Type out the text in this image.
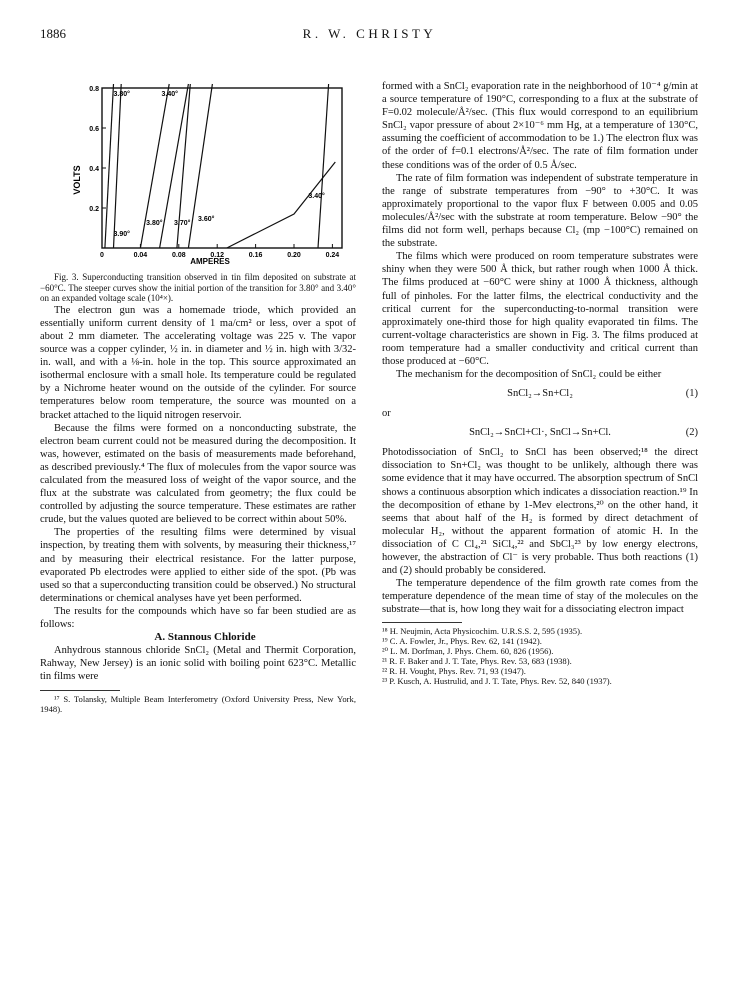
R. W. CHRISTY
1886
0	0.04	0.08	0.12	0.16	0.20	0.24
0.2
0.4
0.6
0.8
3.80°	3.40°
3.40°
3.80° 3.70°
3.60°
3.90°
VOLTS
AMPERES

Fig. 3. Superconducting transition observed in tin film deposited on substrate at −60°C. The steeper curves show the initial portion of the transition for 3.80° and 3.40° on an expanded voltage scale (10⁴×).

The electron gun was a homemade triode, which provided an essentially uniform current density of 1 ma/cm² or less, over a spot of about 2 mm diameter. The accelerating voltage was 225 v. The vapor source was a copper cylinder, ½ in. in diameter and ½ in. high with 3/32-in. wall, and with a ⅛-in. hole in the top. This source approximated an isothermal enclosure with a small hole. Its temperature could be regulated by a Nichrome heater wound on the outside of the cylinder. For source temperatures below room temperature, the source was mounted on a bracket attached to the liquid nitrogen reservoir.

Because the films were formed on a nonconducting substrate, the electron beam current could not be measured during the decomposition. It was, however, estimated on the basis of measurements made beforehand, as described previously.⁴ The flux of molecules from the vapor source was calculated from the measured loss of weight of the vapor source, and the flux at the substrate was calculated from geometry; the flux could be controlled by adjusting the source temperature. These estimates are rather crude, but the values quoted are believed to be correct within about 50%.

The properties of the resulting films were determined by visual inspection, by treating them with solvents, by measuring their thickness,¹⁷ and by measuring their electrical resistance. For the latter purpose, evaporated Pb electrodes were applied to either side of the spot. (Pb was used so that a superconducting transition could be observed.) No structural determinations or chemical analyses have yet been performed.

The results for the compounds which have so far been studied are as follows:

A. Stannous Chloride

Anhydrous stannous chloride SnCl₂ (Metal and Thermit Corporation, Rahway, New Jersey) is an ionic solid with boiling point 623°C. Metallic tin films were

¹⁷ S. Tolansky, Multiple Beam Interferometry (Oxford University Press, New York, 1948).

formed with a SnCl₂ evaporation rate in the neighborhood of 10⁻⁴ g/min at a source temperature of 190°C, corresponding to a flux at the substrate of F=0.02 molecule/Å²/sec. (This flux would correspond to an equilibrium SnCl₂ vapor pressure of about 2×10⁻⁶ mm Hg, at a temperature of 130°C, assuming the coefficient of accommodation to be 1.) The electron flux was of the order of f=0.1 electrons/Å²/sec. The rate of film formation under these conditions was of the order of 0.5 Å/sec.

The rate of film formation was independent of substrate temperature in the range of substrate temperatures from −90° to +30°C. It was approximately proportional to the vapor flux F between 0.005 and 0.05 molecules/Å²/sec with the substrate at room temperature. Below −90° the films did not form well, perhaps because Cl₂ (mp −100°C) remained on the substrate.

The films which were produced on room temperature substrates were shiny when they were 500 Å thick, but rather rough when 1000 Å thick. The films produced at −60°C were shiny at 1000 Å thickness, although full of pinholes. For the latter films, the electrical conductivity and the critical current for the superconducting-to-normal transition were approximately one-third those for high quality evaporated tin films. The current-voltage characteristics are shown in Fig. 3. The films produced at room temperature had a smaller conductivity and critical current than those produced at −60°C.

The mechanism for the decomposition of SnCl₂ could be either

SnCl₂→Sn+Cl₂	(1)

or

SnCl₂→SnCl+Cl·, SnCl→Sn+Cl.	(2)

Photodissociation of SnCl₂ to SnCl has been observed;¹⁸ the direct dissociation to Sn+Cl₂ was thought to be unlikely, although there was some evidence that it may have occurred. The absorption spectrum of SnCl shows a continuous absorption which indicates a dissociation reaction.¹⁹ In the decomposition of ethane by 1-Mev electrons,²⁰ on the other hand, it seems that about half of the H₂ is formed by direct detachment of molecular H₂, without the apparent formation of atomic H. In the dissociation of C Cl₄,²¹ SiCl₄,²² and SbCl₃²³ by low energy electrons, however, the abstraction of Cl⁻ is very probable. Thus both reactions (1) and (2) should probably be considered.

The temperature dependence of the film growth rate comes from the temperature dependence of the mean time of stay of the molecules on the substrate—that is, how long they wait for a dissociating electron impact

¹⁸ H. Neujmin, Acta Physicochim. U.R.S.S. 2, 595 (1935).

¹⁹ C. A. Fowler, Jr., Phys. Rev. 62, 141 (1942).

²⁰ L. M. Dorfman, J. Phys. Chem. 60, 826 (1956).

²¹ R. F. Baker and J. T. Tate, Phys. Rev. 53, 683 (1938).

²² R. H. Vought, Phys. Rev. 71, 93 (1947).

²³ P. Kusch, A. Hustrulid, and J. T. Tate, Phys. Rev. 52, 840 (1937).
